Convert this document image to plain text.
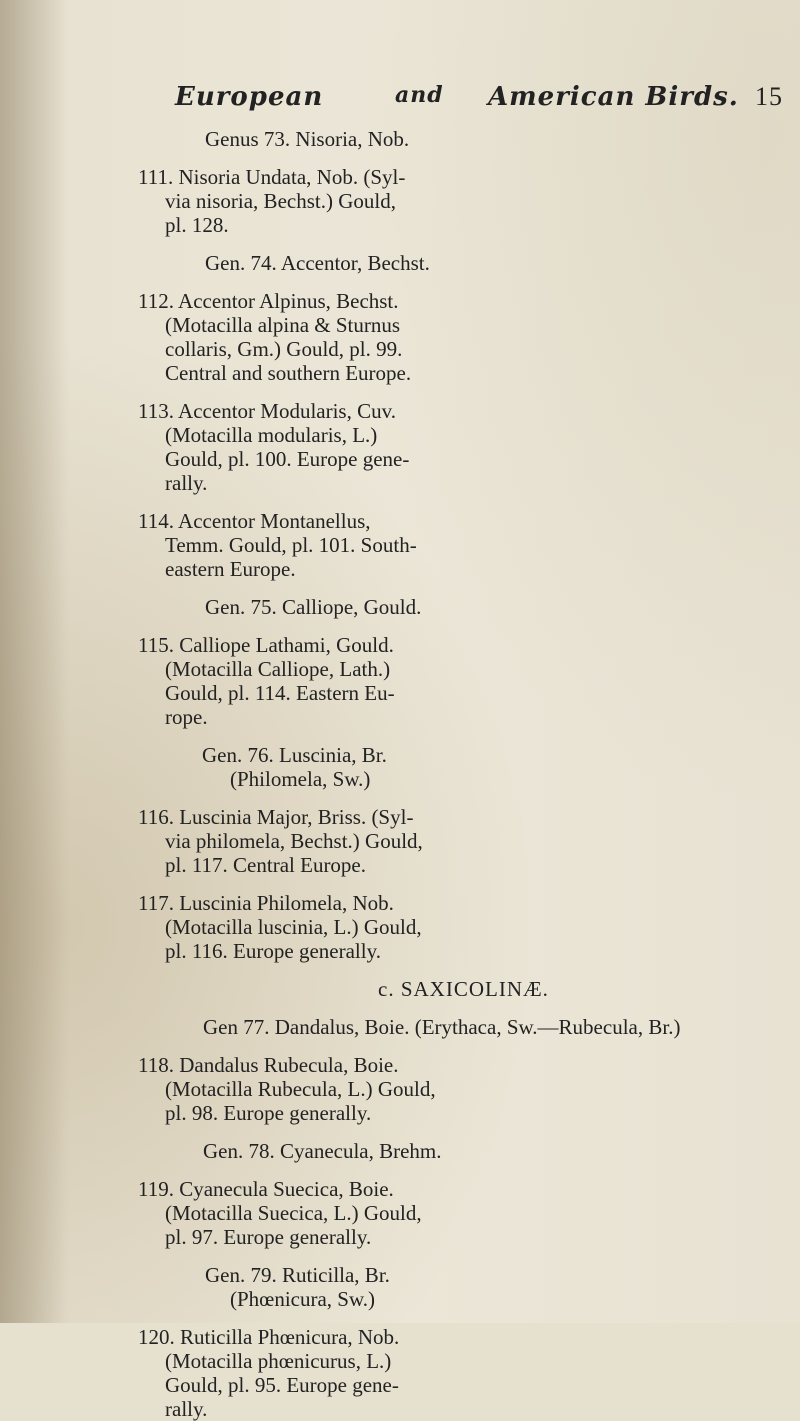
European	and American Birds. 15
Genus 73. Nisoria, Nob.
111. Nisoria Undata, Nob. (Syl-
via nisoria, Bechst.) Gould,
pl. 128.
Gen. 74. Accentor, Bechst.
112. Accentor Alpinus, Bechst.
(Motacilla alpina & Sturnus
collaris, Gm.) Gould, pl. 99.
Central and southern Europe.
113. Accentor Modularis, Cuv.
(Motacilla modularis, L.)
Gould, pl. 100. Europe gene-
rally.
114. Accentor Montanellus,
Temm. Gould, pl. 101. South-
eastern Europe.
Gen. 75. Calliope, Gould.
115. Calliope Lathami, Gould.
(Motacilla Calliope, Lath.)
Gould, pl. 114. Eastern Eu-
rope.
Gen. 76. Luscinia, Br.
(Philomela, Sw.)
116. Luscinia Major, Briss. (Syl-
via philomela, Bechst.) Gould,
pl. 117. Central Europe.
117. Luscinia Philomela, Nob.
(Motacilla luscinia, L.) Gould,
pl. 116. Europe generally.
c. SAXICOLINÆ.
Gen 77. Dandalus, Boie. (Erythaca, Sw.—Rubecula, Br.)
118. Dandalus Rubecula, Boie.
(Motacilla Rubecula, L.) Gould,
pl. 98. Europe generally.
Gen. 78. Cyanecula, Brehm.
119. Cyanecula Suecica, Boie.
(Motacilla Suecica, L.) Gould,
pl. 97. Europe generally.
Gen. 79. Ruticilla, Br.
(Phœnicura, Sw.)
120. Ruticilla Phœnicura, Nob.
(Motacilla phœnicurus, L.)
Gould, pl. 95. Europe gene-
rally.
